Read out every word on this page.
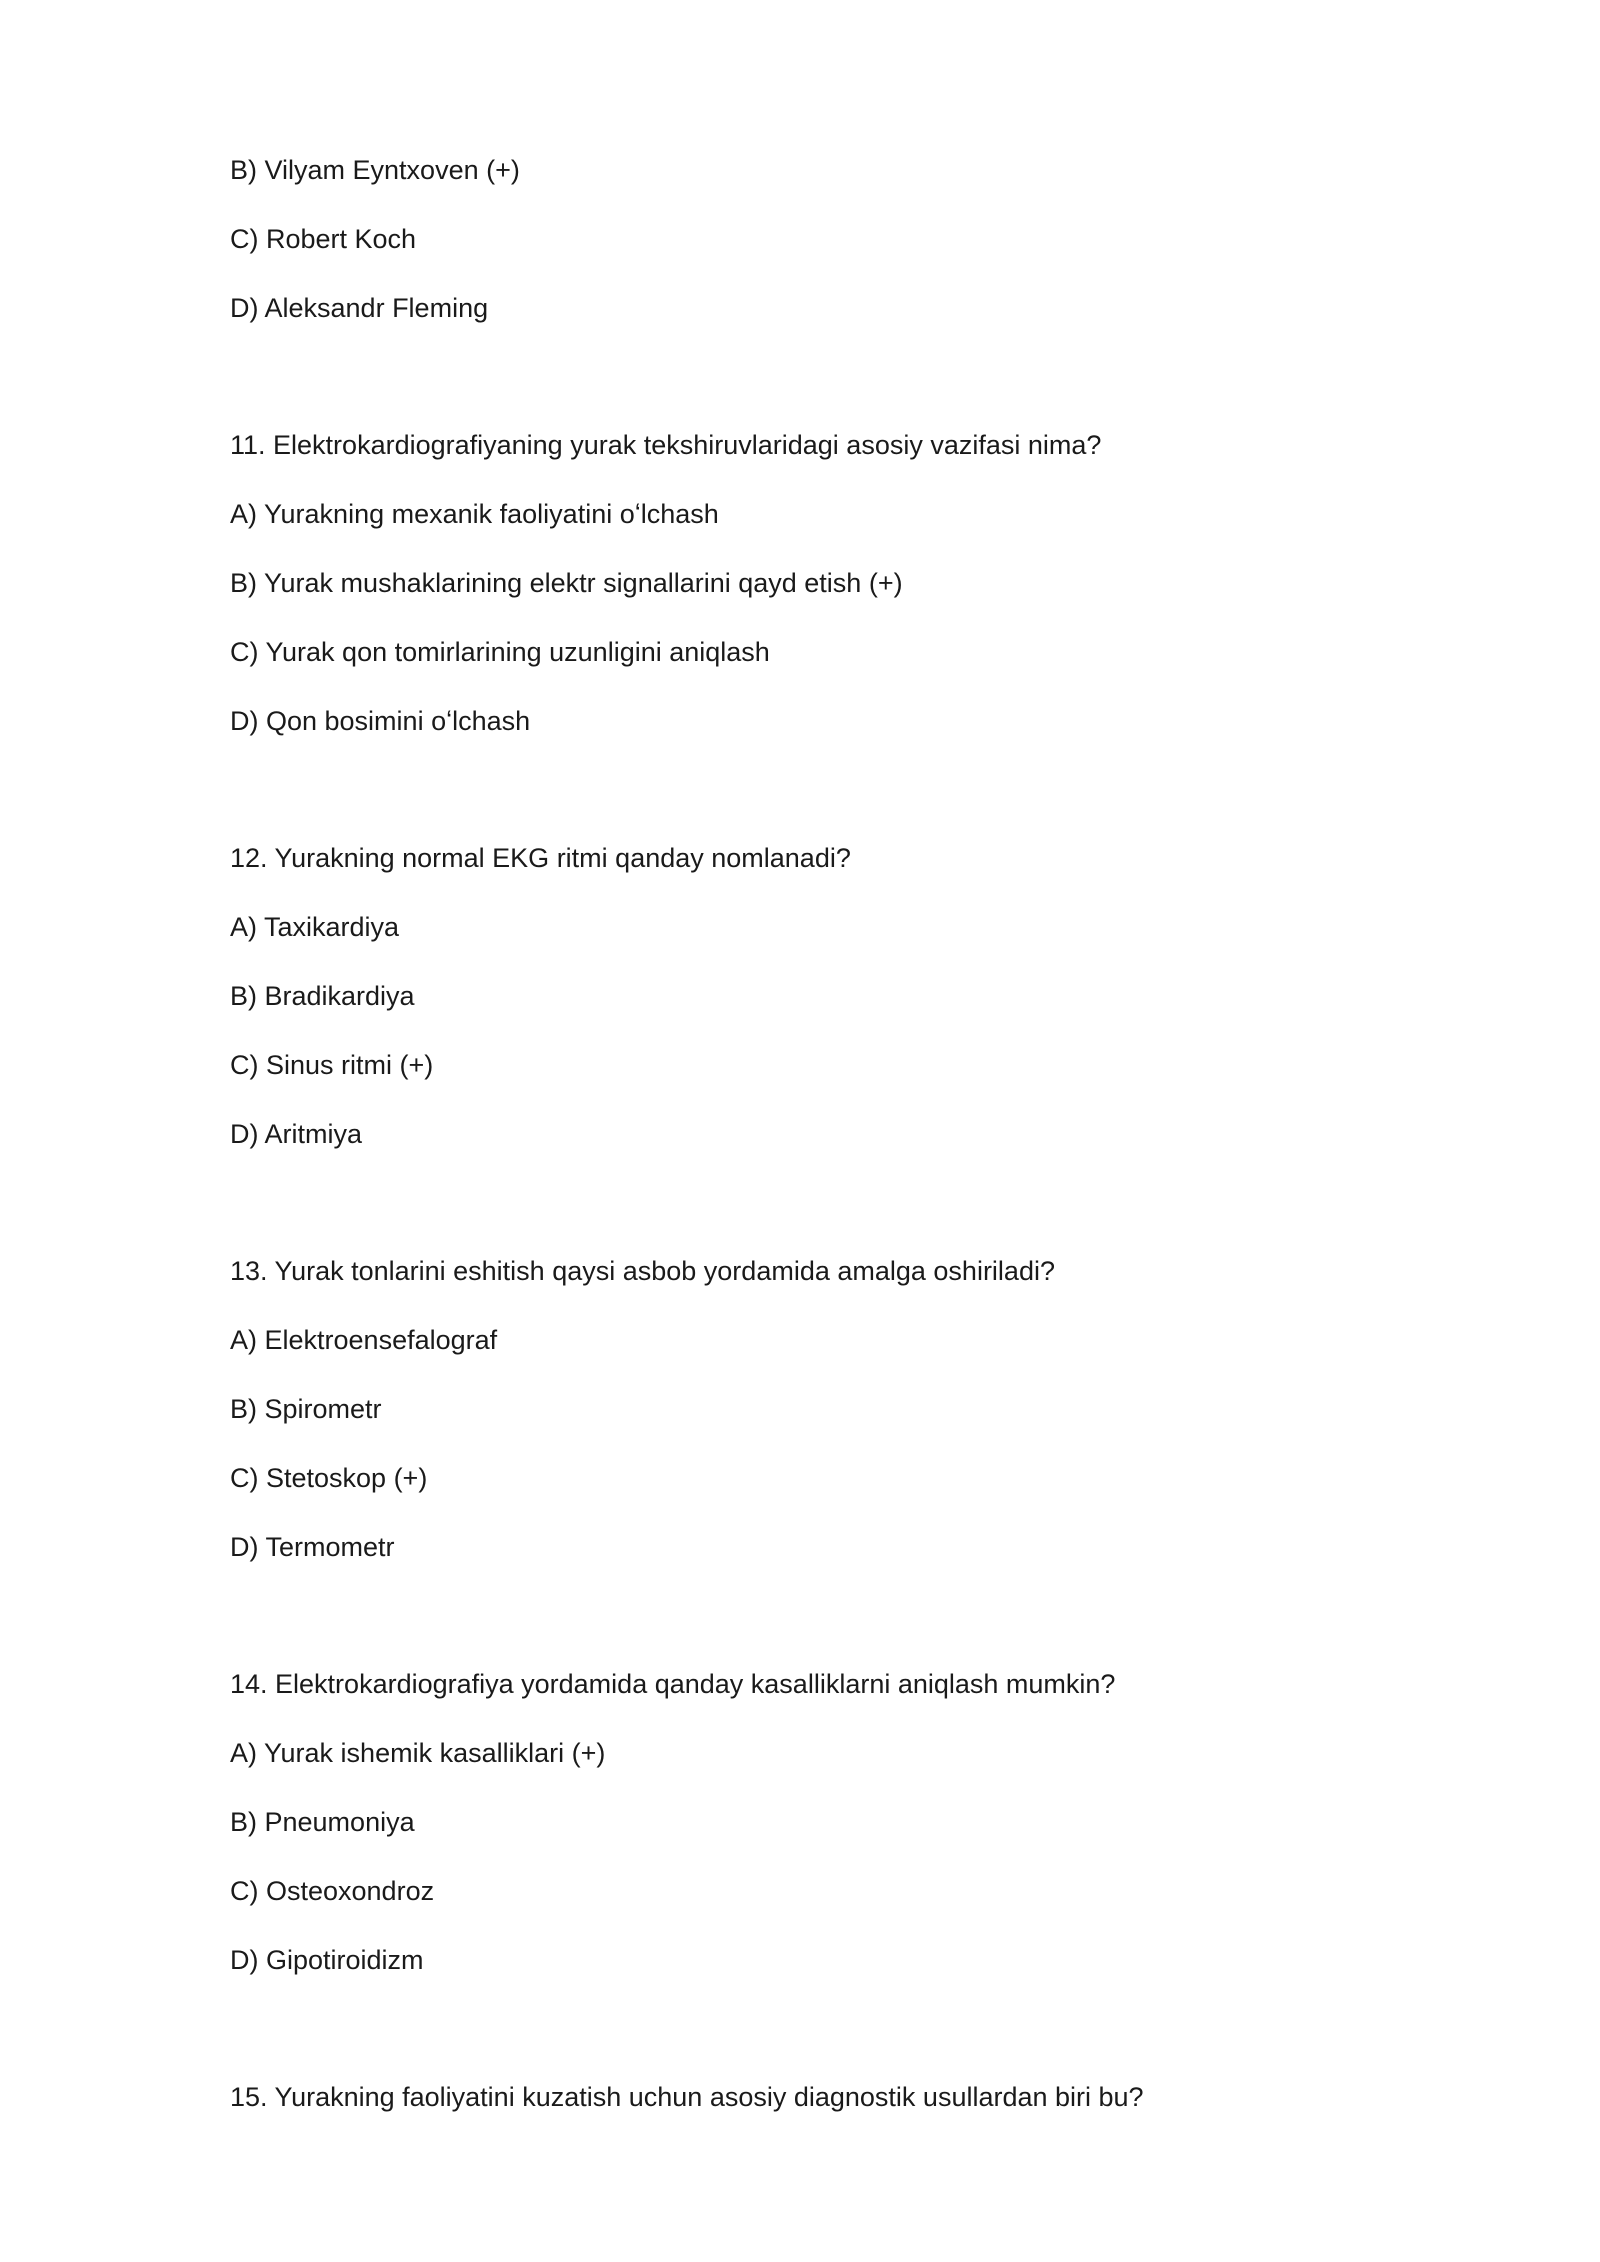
B) Vilyam Eyntxoven (+)
C) Robert Koch
D) Aleksandr Fleming
11. Elektrokardiografiyaning yurak tekshiruvlaridagi asosiy vazifasi nima?
A) Yurakning mexanik faoliyatini oʻlchash
B) Yurak mushaklarining elektr signallarini qayd etish (+)
C) Yurak qon tomirlarining uzunligini aniqlash
D) Qon bosimini oʻlchash
12. Yurakning normal EKG ritmi qanday nomlanadi?
A) Taxikardiya
B) Bradikardiya
C) Sinus ritmi (+)
D) Aritmiya
13. Yurak tonlarini eshitish qaysi asbob yordamida amalga oshiriladi?
A) Elektroensefalograf
B) Spirometr
C) Stetoskop (+)
D) Termometr
14. Elektrokardiografiya yordamida qanday kasalliklarni aniqlash mumkin?
A) Yurak ishemik kasalliklari (+)
B) Pneumoniya
C) Osteoxondroz
D) Gipotiroidizm
15. Yurakning faoliyatini kuzatish uchun asosiy diagnostik usullardan biri bu?
